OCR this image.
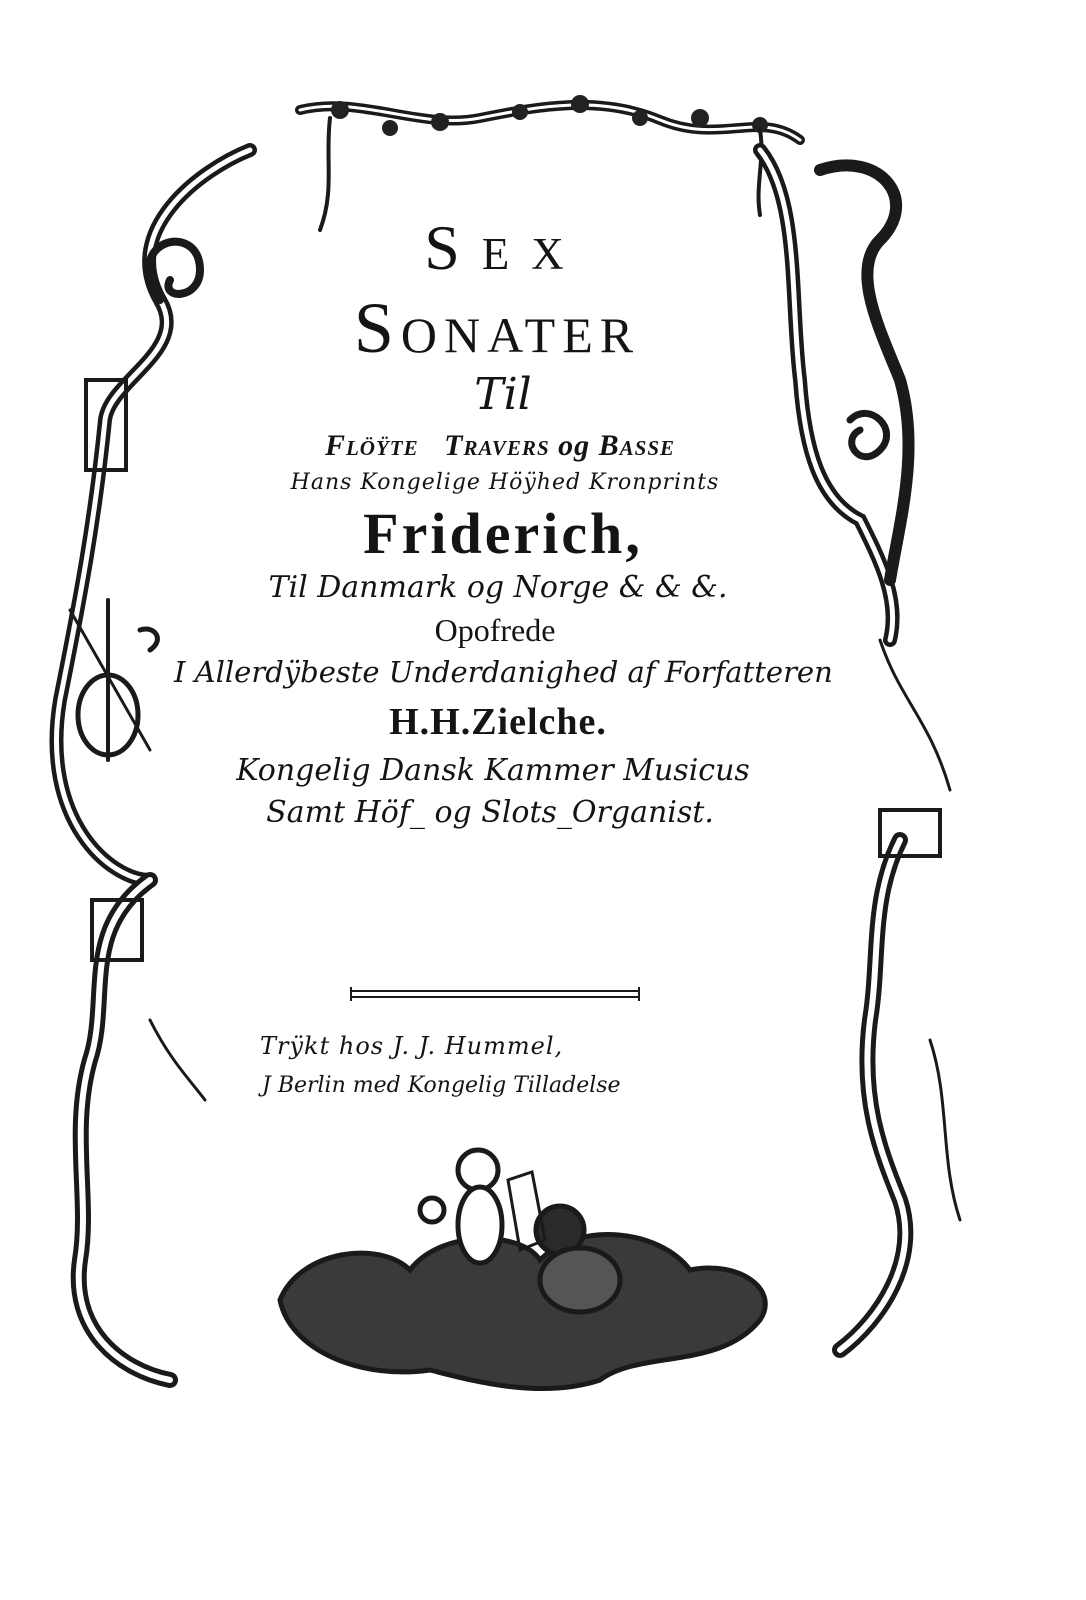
Sex
Sonater
Til
Flöÿte Travers og Basse
Hans Kongelige Höÿhed Kronprints
Friderich,
Til Danmark og Norge & & &.
Opofrede
I Allerdÿbeste Underdanighed af Forfatteren
H.H.Zielche.
Kongelig Dansk Kammer Musicus
Samt Höf_ og Slots_Organist.
Trÿkt hos J. J. Hummel,
J Berlin med Kongelig Tilladelse
